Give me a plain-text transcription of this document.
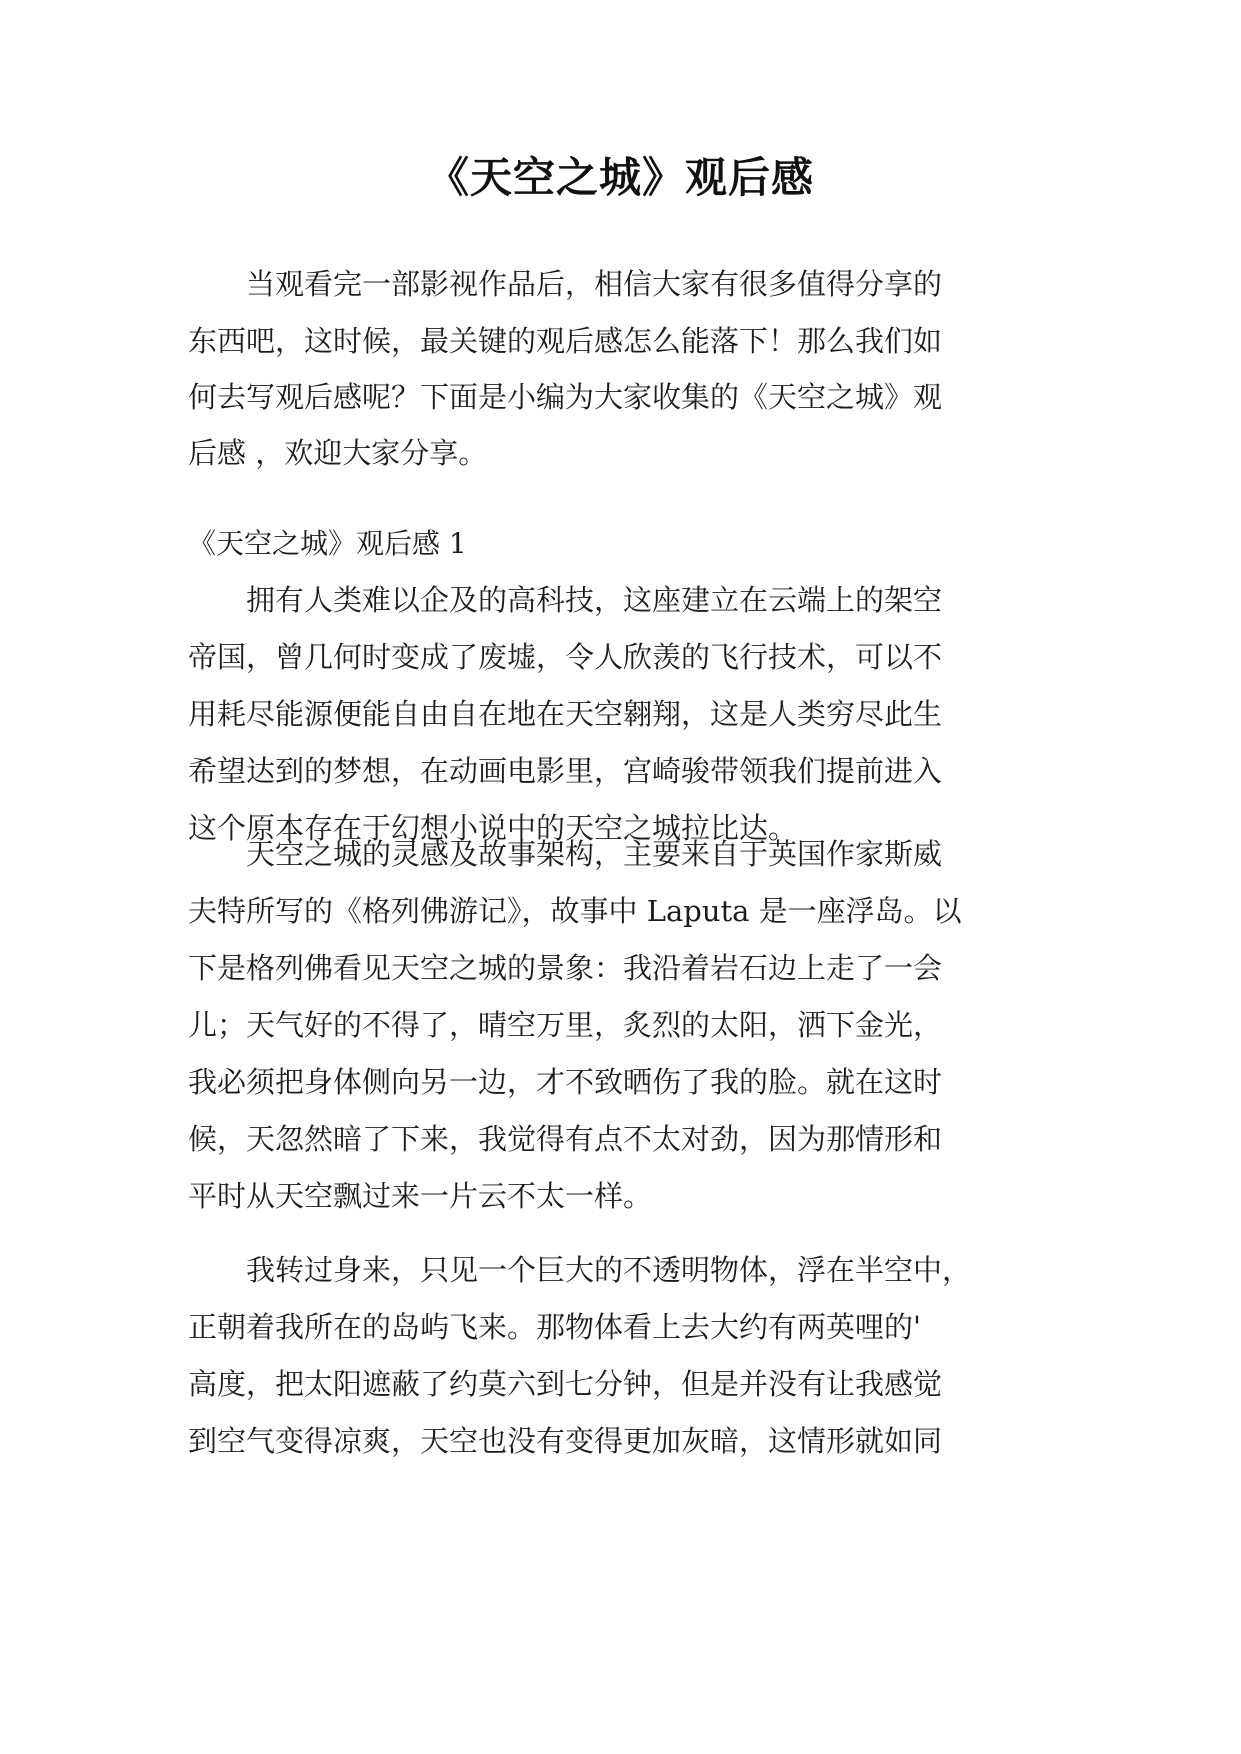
《天空之城》观后感

　　当观看完一部影视作品后，相信大家有很多值得分享的

东西吧，这时候，最关键的观后感怎么能落下！那么我们如

何去写观后感呢？下面是小编为大家收集的《天空之城》观

后感 ，欢迎大家分享。

《天空之城》观后感 1

　　拥有人类难以企及的高科技，这座建立在云端上的架空

帝国，曾几何时变成了废墟，令人欣羡的飞行技术，可以不

用耗尽能源便能自由自在地在天空翱翔，这是人类穷尽此生

希望达到的梦想，在动画电影里，宫崎骏带领我们提前进入

这个原本存在于幻想小说中的天空之城拉比达。

　　天空之城的灵感及故事架构，主要来自于英国作家斯威

夫特所写的《格列佛游记》，故事中 Laputa 是一座浮岛。以

下是格列佛看见天空之城的景象：我沿着岩石边上走了一会

儿；天气好的不得了，晴空万里，炙烈的太阳，洒下金光，

我必须把身体侧向另一边，才不致晒伤了我的脸。就在这时

候，天忽然暗了下来，我觉得有点不太对劲，因为那情形和

平时从天空飘过来一片云不太一样。

　　我转过身来，只见一个巨大的不透明物体，浮在半空中，

正朝着我所在的岛屿飞来。那物体看上去大约有两英哩的'

高度，把太阳遮蔽了约莫六到七分钟，但是并没有让我感觉

到空气变得凉爽，天空也没有变得更加灰暗，这情形就如同
